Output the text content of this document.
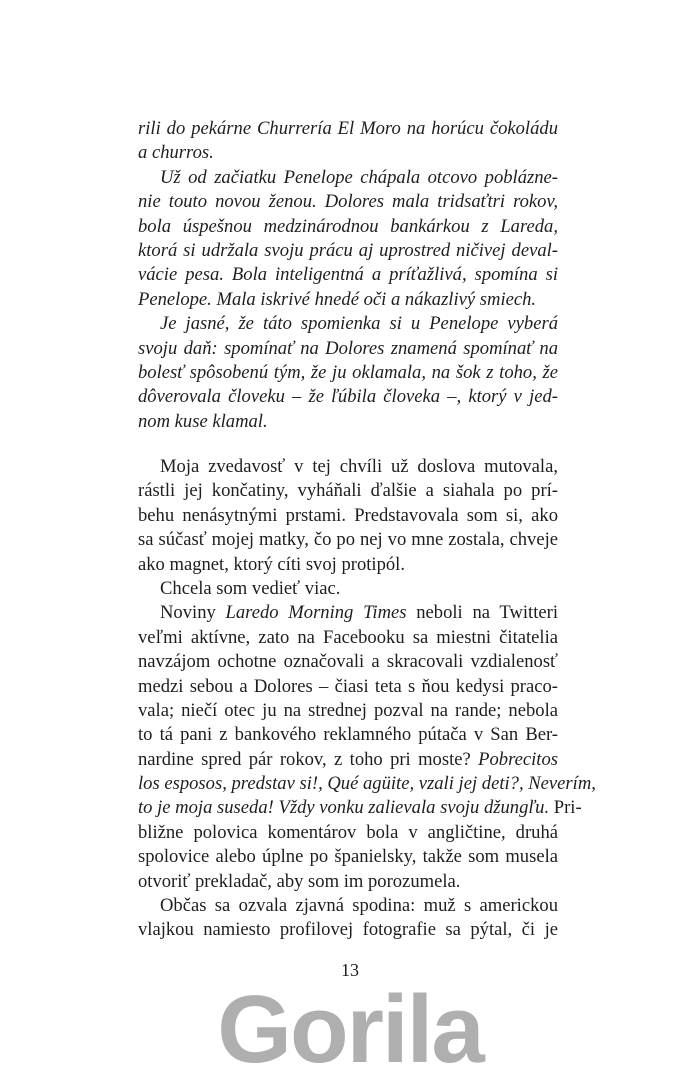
rili do pekárne Churrería El Moro na horúcu čokoládu
a churros.
Už od začiatku Penelope chápala otcovo pobláznе-
nie touto novou ženou. Dolores mala tridsaťtri rokov,
bola úspešnou medzinárodnou bankárkou z Lareda,
ktorá si udržala svoju prácu aj uprostred ničivej deval-
vácie pesa. Bola inteligentná a príťažlivá, spomína si
Penelope. Mala iskrivé hnedé oči a nákazlivý smiech.
Je jasné, že táto spomienka si u Penelope vyberá
svoju daň: spomínať na Dolores znamená spomínať na
bolesť spôsobenú tým, že ju oklamala, na šok z toho, že
dôverovala človeku – že ľúbila človeka –, ktorý v jed-
nom kuse klamal.
Moja zvedavosť v tej chvíli už doslova mutovala,
rástli jej končatiny, vyháňali ďalšie a siahala po prí-
behu nenásytnými prstami. Predstavovala som si, ako
sa súčasť mojej matky, čo po nej vo mne zostala, chveje
ako magnet, ktorý cíti svoj protipól.
Chcela som vedieť viac.
Noviny Laredo Morning Times neboli na Twitteri
veľmi aktívne, zato na Facebooku sa miestni čitatelia
navzájom ochotne označovali a skracovali vzdialenosť
medzi sebou a Dolores – čiasi teta s ňou kedysi praco-
vala; niečí otec ju na strednej pozval na rande; nebola
to tá pani z bankového reklamného pútača v San Ber-
nardine spred pár rokov, z toho pri moste? Pobrecitos
los esposos, predstav si!, Qué agüite, vzali jej deti?, Neverím,
to je moja suseda! Vždy vonku zalievala svoju džungľu. Pri-
bližne polovica komentárov bola v angličtine, druhá
spolovice alebo úplne po španielsky, takže som musela
otvoriť prekladač, aby som im porozumela.
Občas sa ozvala zjavná spodina: muž s americkou
vlajkou namiesto profilovej fotografie sa pýtal, či je
13
Gorila
